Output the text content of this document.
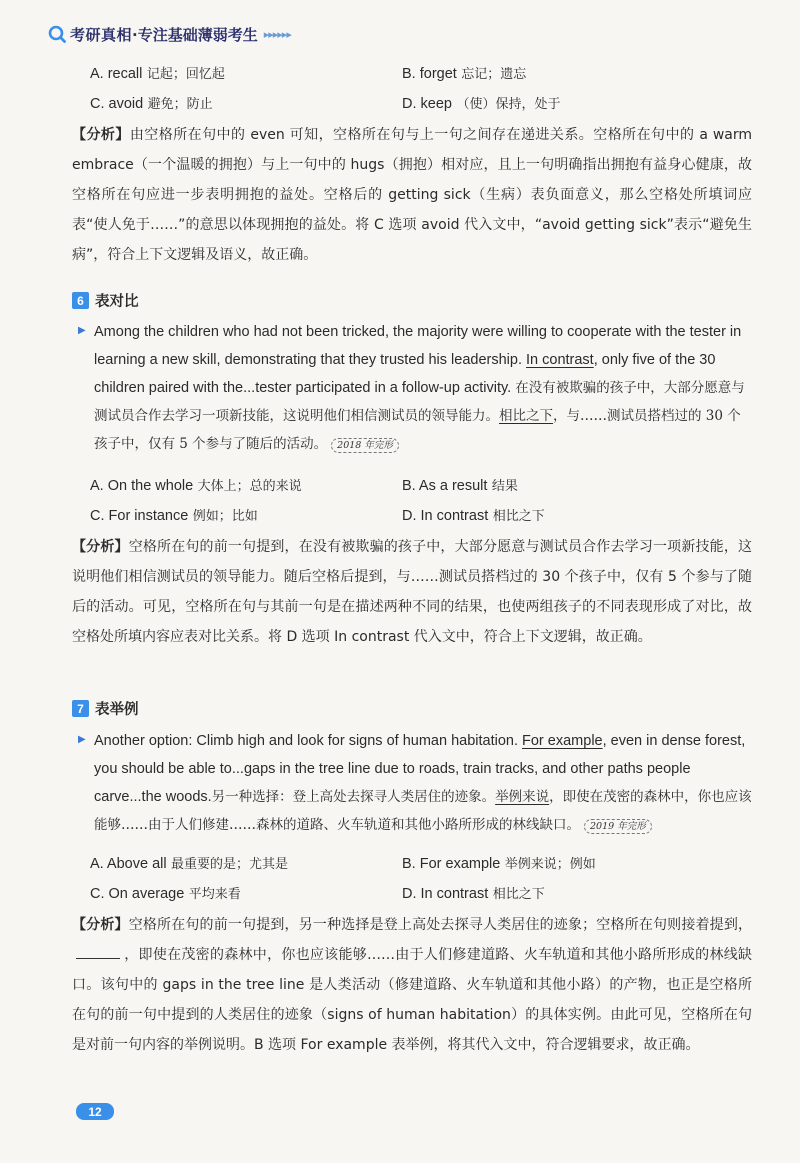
考研真相 ·专注基础薄弱考生 ▸▸▸▸▸▸
A. recall 记起；回忆起	B. forget 忘记；遗忘
C. avoid 避免；防止	D. keep （使）保持，处于
【分析】由空格所在句中的 even 可知，空格所在句与上一句之间存在递进关系。空格所在句中的 a warm embrace（一个温暖的拥抱）与上一句中的 hugs（拥抱）相对应，且上一句明确指出拥抱有益身心健康，故空格所在句应进一步表明拥抱的益处。空格后的 getting sick（生病）表负面意义，那么空格处所填词应表“使人免于……”的意思以体现拥抱的益处。将 C 选项 avoid 代入文中，“avoid getting sick”表示“避免生病”，符合上下文逻辑及语义，故正确。
6 表对比
▶ Among the children who had not been tricked, the majority were willing to cooperate with the tester in learning a new skill, demonstrating that they trusted his leadership. In contrast, only five of the 30 children paired with the...tester participated in a follow-up activity. 在没有被欺骗的孩子中，大部分愿意与测试员合作去学习一项新技能，这说明他们相信测试员的领导能力。相比之下，与……测试员搭档过的 30 个孩子中，仅有 5 个参与了随后的活动。 2018 年完形
A. On the whole 大体上；总的来说	B. As a result 结果
C. For instance 例如；比如	D. In contrast 相比之下
【分析】空格所在句的前一句提到，在没有被欺骗的孩子中，大部分愿意与测试员合作去学习一项新技能，这说明他们相信测试员的领导能力。随后空格后提到，与……测试员搭档过的 30 个孩子中，仅有 5 个参与了随后的活动。可见，空格所在句与其前一句是在描述两种不同的结果，也使两组孩子的不同表现形成了对比，故空格处所填内容应表对比关系。将 D 选项 In contrast 代入文中，符合上下文逻辑，故正确。
7 表举例
▶ Another option: Climb high and look for signs of human habitation. For example, even in dense forest, you should be able to...gaps in the tree line due to roads, train tracks, and other paths people carve...the woods.另一种选择：登上高处去探寻人类居住的迹象。举例来说，即使在茂密的森林中，你也应该能够……由于人们修建……森林的道路、火车轨道和其他小路所形成的林线缺口。 2019 年完形
A. Above all 最重要的是；尤其是	B. For example 举例来说；例如
C. On average 平均来看	D. In contrast 相比之下
【分析】空格所在句的前一句提到，另一种选择是登上高处去探寻人类居住的迹象；空格所在句则接着提到，，即使在茂密的森林中，你也应该能够……由于人们修建道路、火车轨道和其他小路所形成的林线缺口。该句中的 gaps in the tree line 是人类活动（修建道路、火车轨道和其他小路）的产物，也正是空格所在句的前一句中提到的人类居住的迹象（signs of human habitation）的具体实例。由此可见，空格所在句是对前一句内容的举例说明。B 选项 For example 表举例，将其代入文中，符合逻辑要求，故正确。
12
